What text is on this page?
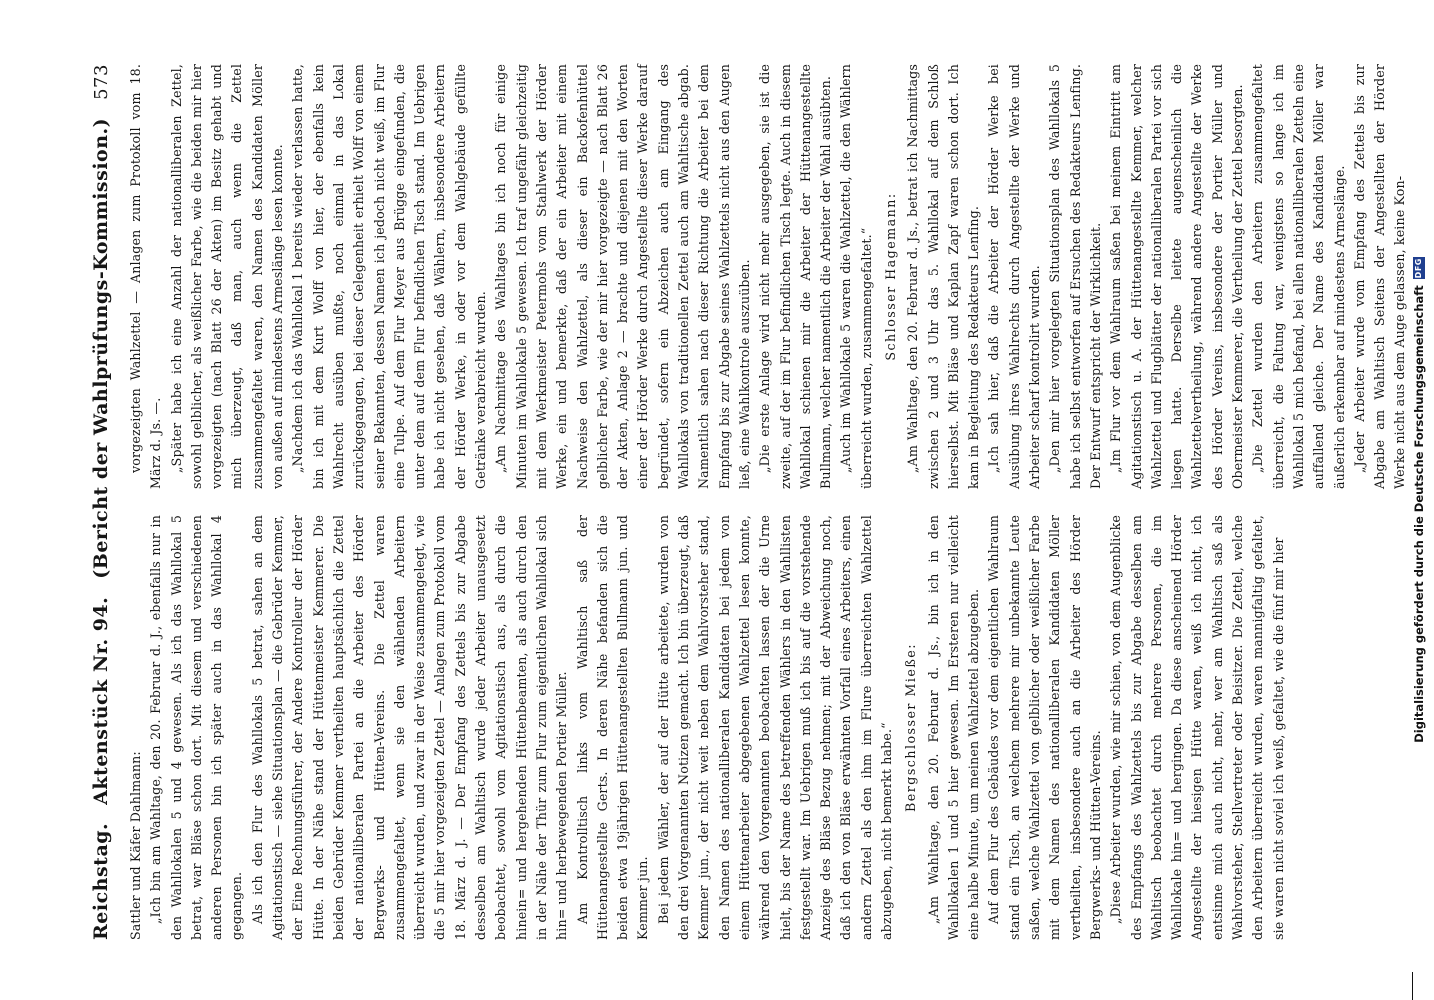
Reichstag.
Aktenstück Nr. 94.
(Bericht der Wahlprüfungs-Kommission.)
573

Sattler und Käfer Dahlmann: „Ich bin am Wahltage, den 20. Februar d. J., ebenfalls nur in den Wahllokalen 5 und 4 gewesen. Als ich das Wahllokal 5 betrat, war Bläse schon dort. Mit diesem und verschiedenen anderen Personen bin ich später auch in das Wahllokal 4 gegangen. Als ich den Flur des Wahllokals 5 betrat, sahen an dem Agitationstisch — siehe Situationsplan — die Gebrüder Kemmer, der Eine Rechnungsführer, der Andere Kontrolleur der Hörder Hütte. In der Nähe stand der Hüttenmeister Kemmerer. Die beiden Gebrüder Kemmer vertheilten hauptsächlich die Zettel der nationalliberalen Partei an die Arbeiter des Hörder Bergwerks- und Hütten-Vereins. Die Zettel waren zusammengefaltet, wenn sie den wählenden Arbeitern überreicht wurden, und zwar in der Weise zusammengelegt, wie die 5 mir hier vorgezeigten Zettel — Anlagen zum Protokoll vom 18. März d. J. — Der Empfang des Zettels bis zur Abgabe desselben am Wahltisch wurde jeder Arbeiter unausgesetzt beobachtet, sowohl vom Agitationstisch aus, als durch die hinein= und hergehenden Hüttenbeamten, als auch durch den in der Nähe der Thür zum Flur zum eigentlichen Wahllokal sich hin= und herbewegenden Portier Müller. Am Kontrolltisch links vom Wahltisch saß der Hüttenangestellte Gerts. In deren Nähe befanden sich die beiden etwa 19jährigen Hüttenangestellten Bullmann jun. und Kemmer jun. Bei jedem Wähler, der auf der Hütte arbeitete, wurden von den drei Vorgenannten Notizen gemacht. Ich bin überzeugt, daß Kemmer jun., der nicht weit neben dem Wahlvorsteher stand, den Namen des nationalliberalen Kandidaten bei jedem von einem Hüttenarbeiter abgegebenen Wahlzettel lesen konnte, während den Vorgenannten beobachten lassen der die Urne hielt, bis der Name des betreffenden Wählers in den Wahllisten festgestellt war. Im Uebrigen muß ich bis auf die vorstehende Anzeige des Bläse Bezug nehmen; mit der Abweichung noch, daß ich den von Bläse erwähnten Vorfall eines Arbeiters, einen andern Zettel als den ihm im Flure überreichten Wahlzettel abzugeben, nicht bemerkt habe.“ Bergschlosser Mieße: „Am Wahltage, den 20. Februar d. Js., bin ich in den Wahllokalen 1 und 5 hier gewesen. Im Ersteren nur vielleicht eine halbe Minute, um meinen Wahlzettel abzugeben. Auf dem Flur des Gebäudes vor dem eigentlichen Wahlraum stand ein Tisch, an welchem mehrere mir unbekannte Leute saßen, welche Wahlzettel von gelblicher oder weißlicher Farbe mit dem Namen des nationalliberalen Kandidaten Möller vertheilten, insbesondere auch an die Arbeiter des Hörder Bergwerks- und Hütten-Vereins. „Diese Arbeiter wurden, wie mir schien, von dem Augenblicke des Empfangs des Wahlzettels bis zur Abgabe desselben am Wahltisch beobachtet durch mehrere Personen, die im Wahllokale hin= und hergingen. Da diese anscheinend Hörder Angestellte der hiesigen Hütte waren, weiß ich nicht, ich entsinne mich auch nicht, mehr, wer am Wahltisch saß als Wahlvorsteher, Stellvertreter oder Beisitzer. Die Zettel, welche den Arbeitern überreicht wurden, waren mannigfaltig gefaltet, sie waren nicht soviel ich weiß, gefaltet, wie die fünf mir hier

vorgezeigten Wahlzettel — Anlagen zum Protokoll vom 18. März d. Js. —. „Später habe ich eine Anzahl der nationalliberalen Zettel, sowohl gelblicher, als weißlicher Farbe, wie die beiden mir hier vorgezeigten (nach Blatt 26 der Akten) im Besitz gehabt und mich überzeugt, daß man, auch wenn die Zettel zusammengefaltet waren, den Namen des Kandidaten Möller von außen auf mindestens Armeslänge lesen konnte. „Nachdem ich das Wahllokal 1 bereits wieder verlassen hatte, bin ich mit dem Kurt Wolff von hier, der ebenfalls kein Wahlrecht ausüben mußte, noch einmal in das Lokal zurückgegangen, bei dieser Gelegenheit erhielt Wolff von einem seiner Bekannten, dessen Namen ich jedoch nicht weiß, im Flur eine Tulpe. Auf dem Flur Meyer aus Brügge eingefunden, die unter dem auf dem Flur befindlichen Tisch stand. Im Uebrigen habe ich nicht gesehen, daß Wählern, insbesondere Arbeitern der Hörder Werke, in oder vor dem Wahlgebäude gefüllte Getränke verabreicht wurden. „Am Nachmittage des Wahltages bin ich noch für einige Minuten im Wahllokale 5 gewesen. Ich traf ungefähr gleichzeitig mit dem Werkmeister Petermohs vom Stahlwerk der Hörder Werke, ein und bemerkte, daß der ein Arbeiter mit einem Nachweise den Wahlzettel, als dieser ein Backofenhüttel gelblicher Farbe, wie der mir hier vorgezeigte — nach Blatt 26 der Akten, Anlage 2 — brachte und diejenen mit den Worten einer der Hörder Werke durch Angestellte dieser Werke darauf begründet, sofern ein Abzeichen auch am Eingang des Wahllokals von traditionellen Zettel auch am Wahltische abgab. Namentlich sahen nach dieser Richtung die Arbeiter bei dem Empfang bis zur Abgabe seines Wahlzettels nicht aus den Augen ließ, eine Wahlkontrole auszuüben. „Die erste Anlage wird nicht mehr ausgegeben, sie ist die zweite, auf der im Flur befindlichen Tisch legte. Auch in diesem Wahllokal schienen mir die Arbeiter der Hüttenangestellte Bullmann, welcher namentlich die Arbeiter der Wahl ausübten. „Auch im Wahllokale 5 waren die Wahlzettel, die den Wählern überreicht wurden, zusammengefaltet.“ Schlosser Hagemann: „Am Wahltage, den 20. Februar d. Js., betrat ich Nachmittags zwischen 2 und 3 Uhr das 5. Wahllokal auf dem Schloß hierselbst. Mit Bläse und Kaplan Zapf waren schon dort. Ich kam in Begleitung des Redakteurs Lenfing. „Ich sah hier, daß die Arbeiter der Hörder Werke bei Ausübung ihres Wahlrechts durch Angestellte der Werke und Arbeiter scharf kontrolirt wurden. „Den mir hier vorgelegten Situationsplan des Wahllokals 5 habe ich selbst entworfen auf Ersuchen des Redakteurs Lenfing. Der Entwurf entspricht der Wirklichkeit. „Im Flur vor dem Wahlraum saßen bei meinem Eintritt am Agitationstisch u. A. der Hüttenangestellte Kemmer, welcher Wahlzettel und Flugblätter der nationalliberalen Partei vor sich liegen hatte. Derselbe leitete augenscheinlich die Wahlzettelvertheilung, während andere Angestellte der Werke des Hörder Vereins, insbesondere der Portier Müller und Obermeister Kemmerer, die Vertheilung der Zettel besorgten. „Die Zettel wurden den Arbeitern zusammengefaltet überreicht, die Faltung war, wenigstens so lange ich im Wahllokal 5 mich befand, bei allen nationalliberalen Zetteln eine auffallend gleiche. Der Name des Kandidaten Möller war äußerlich erkennbar auf mindestens Armeslänge. „Jeder Arbeiter wurde vom Empfang des Zettels bis zur Abgabe am Wahltisch Seitens der Angestellten der Hörder Werke nicht aus dem Auge gelassen, keine Kon- Digitalisierung gefördert durch die Deutsche Forschungsgemeinschaft
DFG
